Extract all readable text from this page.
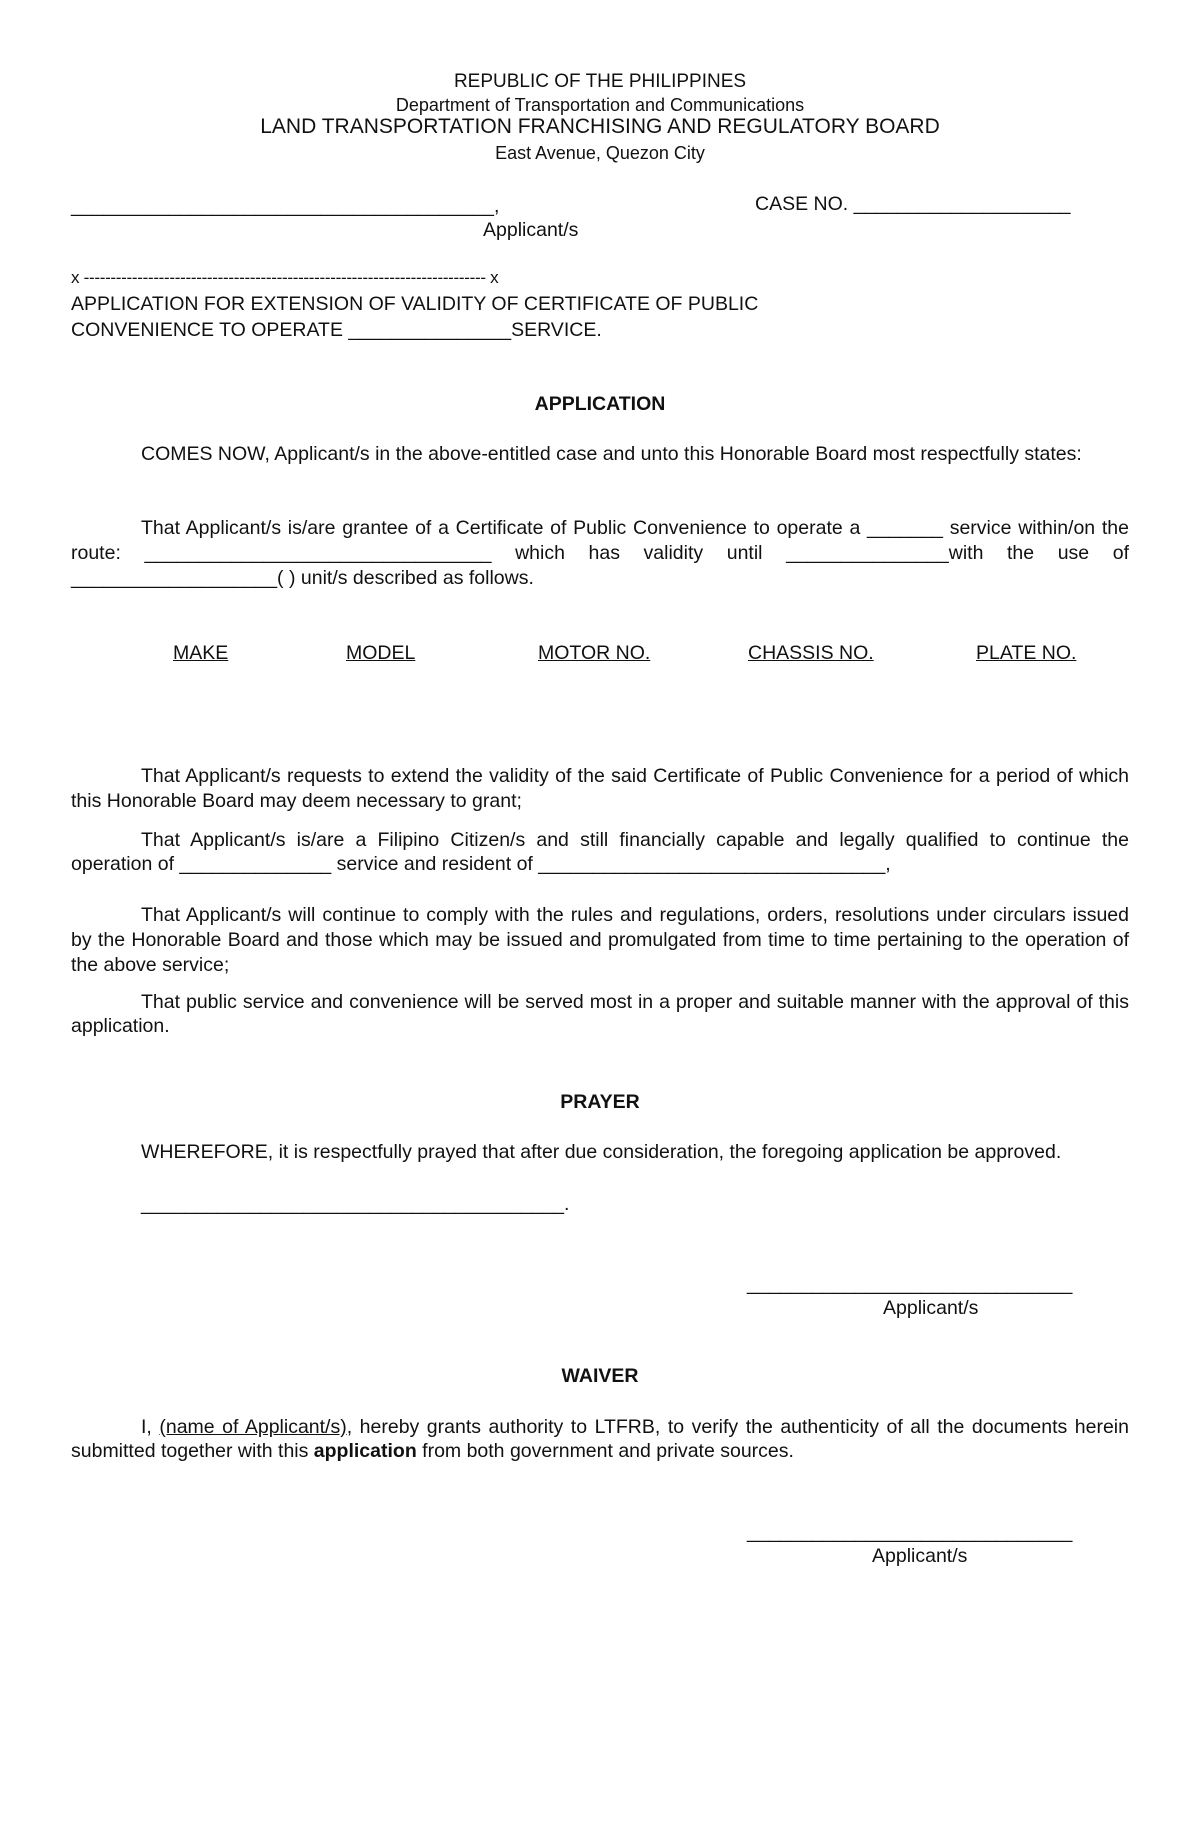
REPUBLIC OF THE PHILIPPINES
Department of Transportation and Communications
LAND TRANSPORTATION FRANCHISING AND REGULATORY BOARD
East Avenue, Quezon City
_______________________________________,	CASE NO. ____________________
Applicant/s
x --------------------------------------------------------------------------- x
APPLICATION FOR EXTENSION OF VALIDITY OF CERTIFICATE OF PUBLIC
CONVENIENCE TO OPERATE _______________SERVICE.
APPLICATION
COMES NOW, Applicant/s in the above-entitled case and unto this Honorable Board most respectfully states:
That Applicant/s is/are grantee of a Certificate of Public Convenience to operate a _______ service within/on the route: ________________________________ which has validity until _______________with the use of ___________________( ) unit/s described as follows.
MAKE	MODEL	MOTOR NO.	CHASSIS NO.	PLATE NO.
That Applicant/s requests to extend the validity of the said Certificate of Public Convenience for a period of which this Honorable Board may deem necessary to grant;
That Applicant/s is/are a Filipino Citizen/s and still financially capable and legally qualified to continue the operation of ______________ service and resident of ________________________________,
That Applicant/s will continue to comply with the rules and regulations, orders, resolutions under circulars issued by the Honorable Board and those which may be issued and promulgated from time to time pertaining to the operation of the above service;
That public service and convenience will be served most in a proper and suitable manner with the approval of this application.
PRAYER
WHEREFORE, it is respectfully prayed that after due consideration, the foregoing application be approved.
_______________________________________.
______________________________
Applicant/s
WAIVER
I, (name of Applicant/s), hereby grants authority to LTFRB, to verify the authenticity of all the documents herein submitted together with this application from both government and private sources.
______________________________
Applicant/s
